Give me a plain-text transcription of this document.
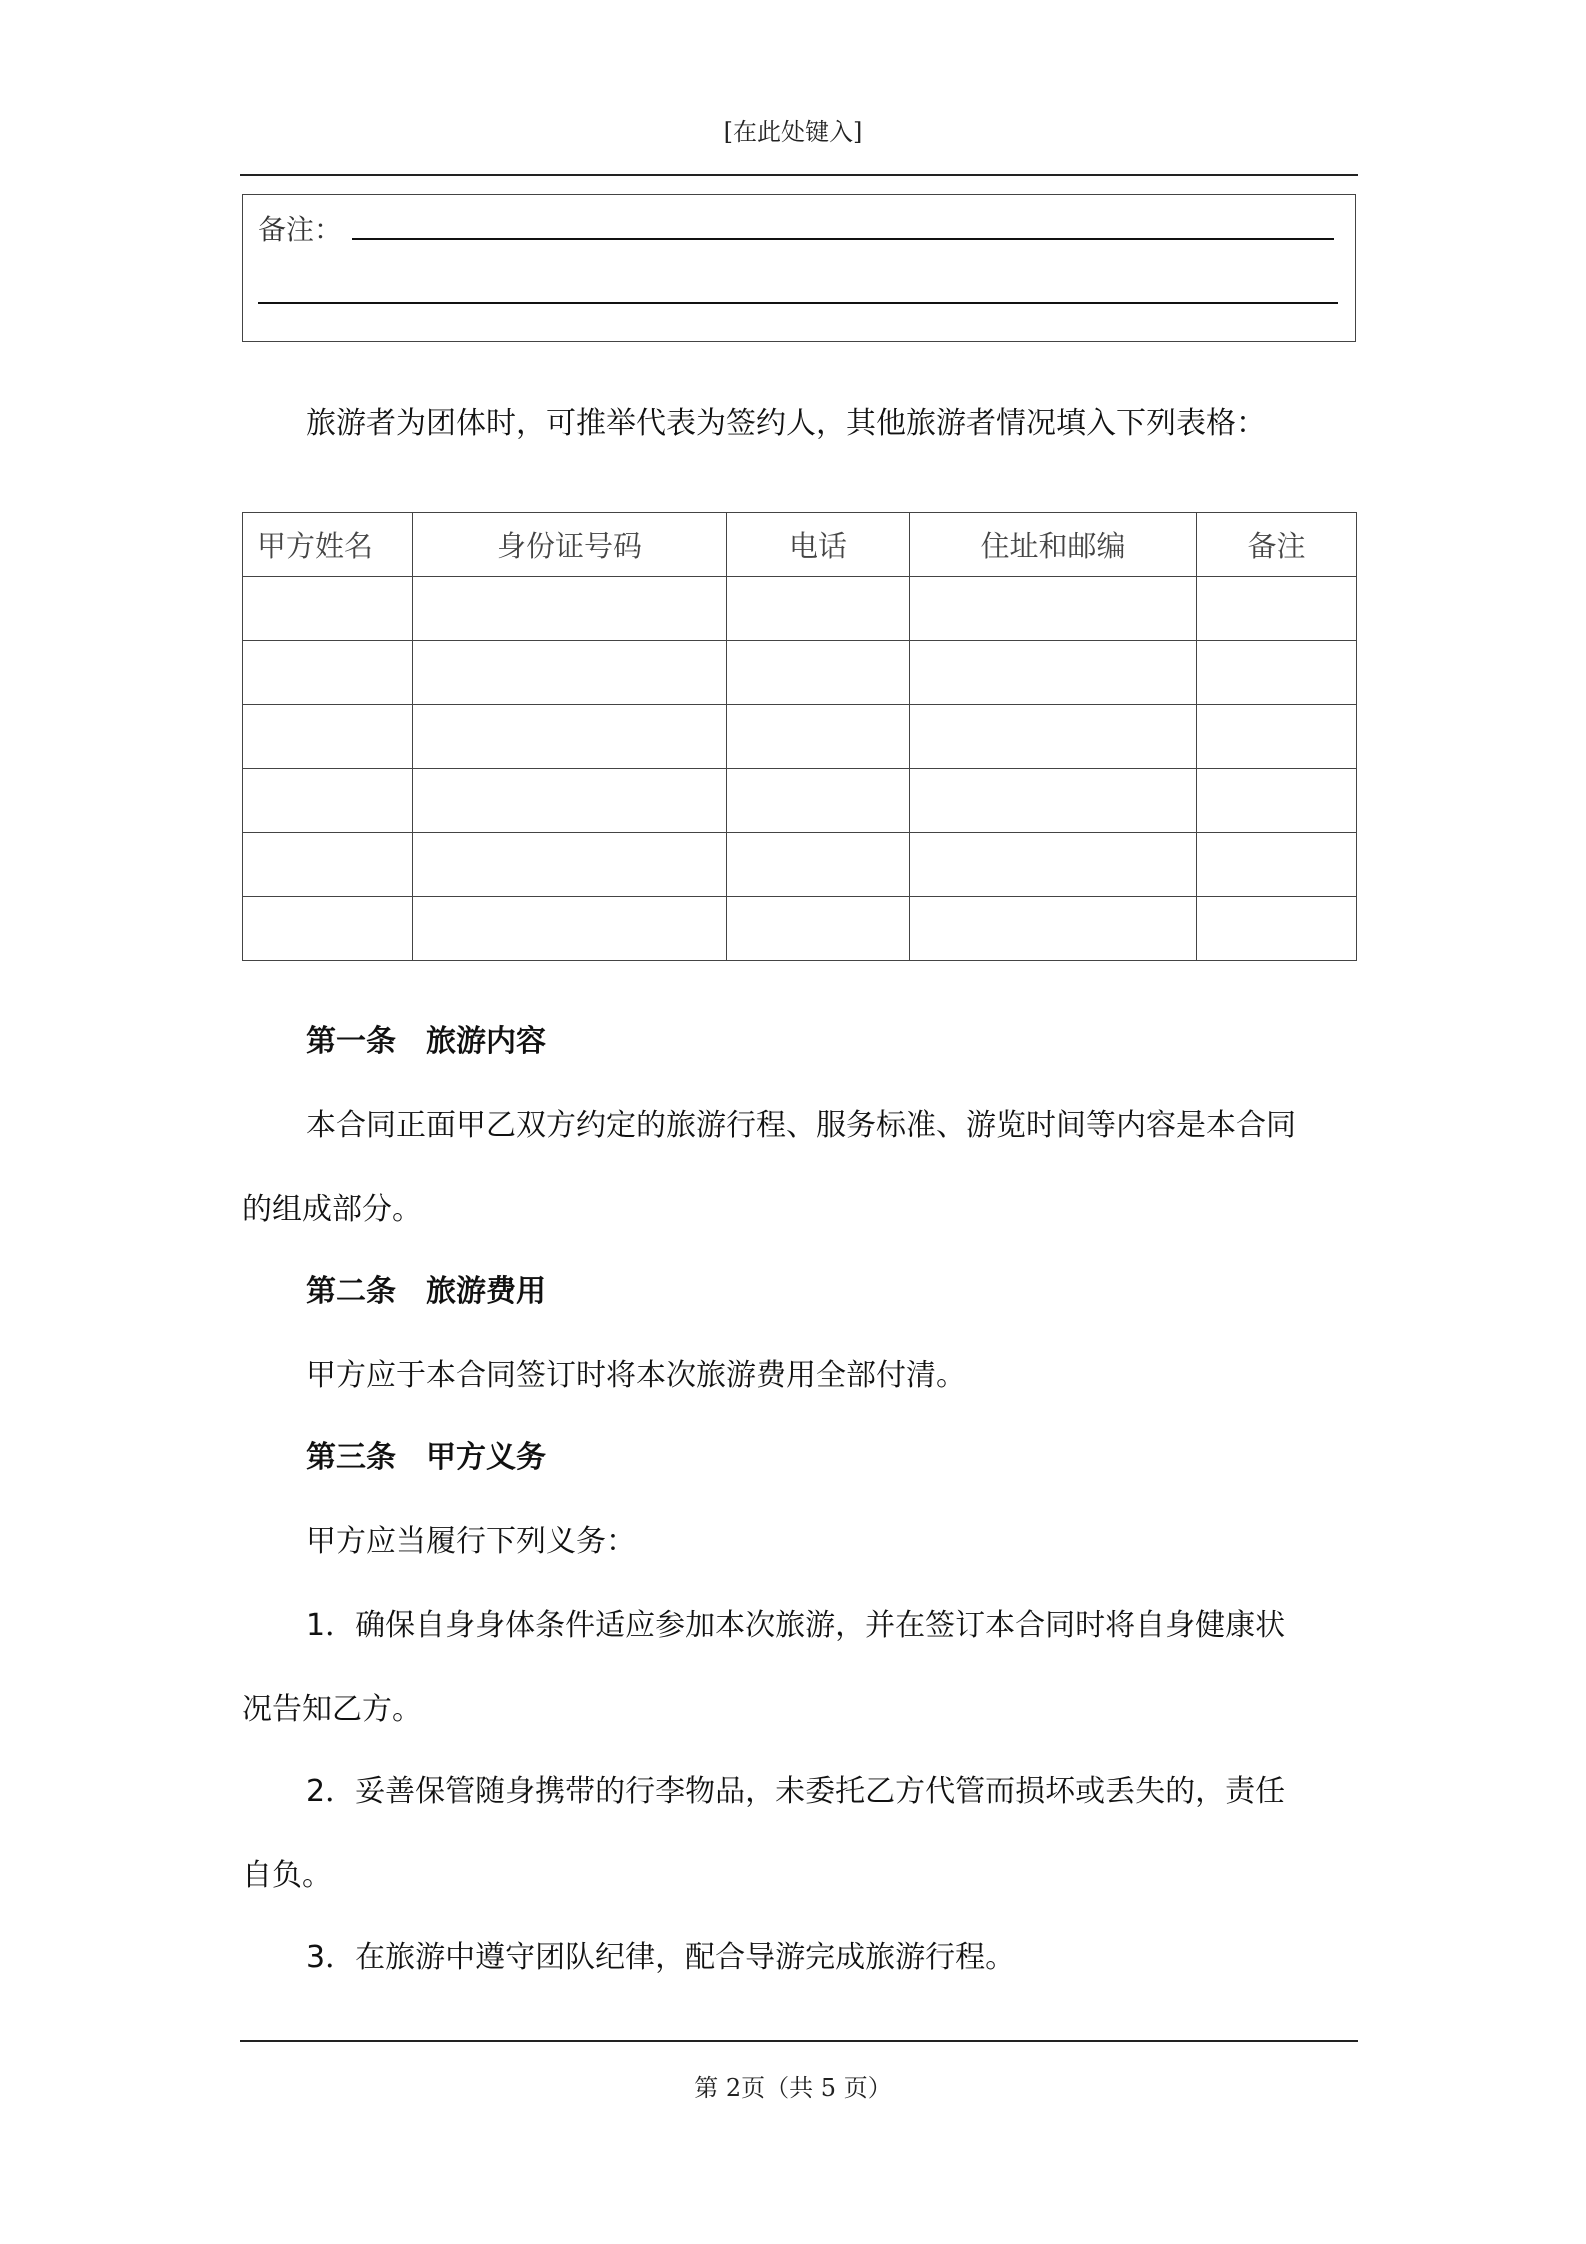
[在此处键入]
备注：
旅游者为团体时，可推举代表为签约人，其他旅游者情况填入下列表格：
甲方姓名	身份证号码	电话	住址和邮编	备注

第一条　旅游内容
本合同正面甲乙双方约定的旅游行程、服务标准、游览时间等内容是本合同
的组成部分。
第二条　旅游费用
甲方应于本合同签订时将本次旅游费用全部付清。
第三条　甲方义务
甲方应当履行下列义务：
1．确保自身身体条件适应参加本次旅游，并在签订本合同时将自身健康状
况告知乙方。
2．妥善保管随身携带的行李物品，未委托乙方代管而损坏或丢失的，责任
自负。
3．在旅游中遵守团队纪律，配合导游完成旅游行程。
第 2页（共 5 页）
